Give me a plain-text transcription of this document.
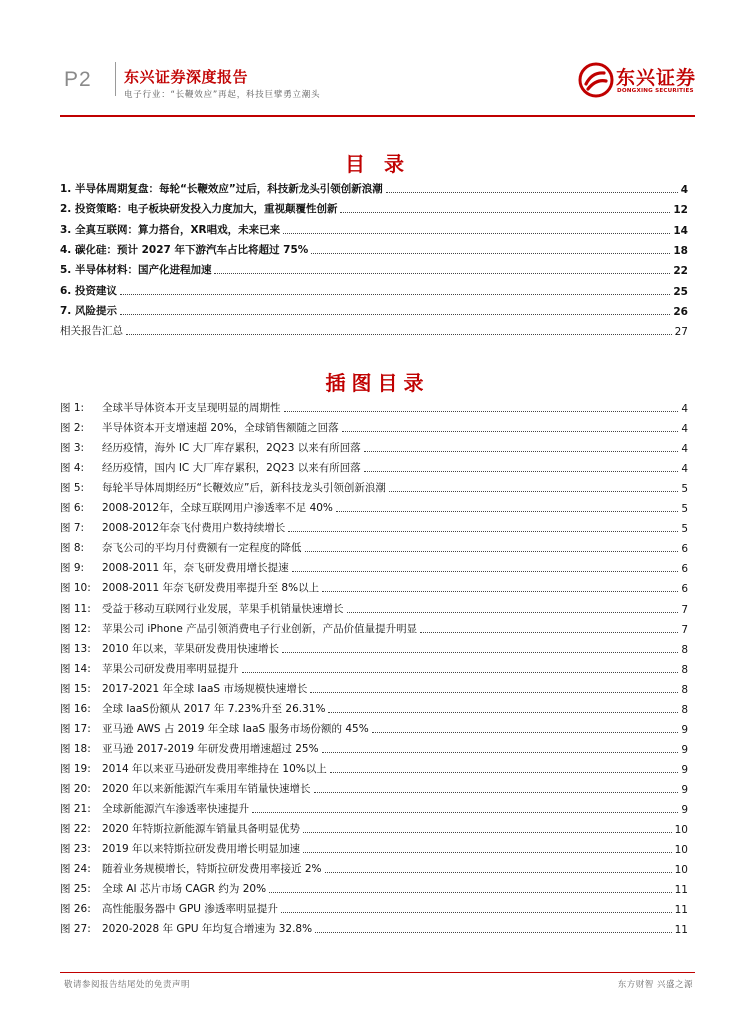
P2 东兴证券深度报告
电子行业：“长鞭效应”再起，科技巨擘勇立潮头
东兴证券
DONGXING SECURITIES
目 录
1. 半导体周期复盘：每轮“长鞭效应”过后，科技新龙头引领创新浪潮	4
2. 投资策略：电子板块研发投入力度加大，重视颠覆性创新	12
3. 全真互联网：算力搭台，XR唱戏，未来已来	14
4. 碳化硅：预计 2027 年下游汽车占比将超过 75%	18
5. 半导体材料：国产化进程加速	22
6. 投资建议	25
7. 风险提示	26
相关报告汇总	27
插图目录
图 1: 全球半导体资本开支呈现明显的周期性	4
图 2: 半导体资本开支增速超 20%，全球销售额随之回落	4
图 3: 经历疫情，海外 IC 大厂库存累积，2Q23 以来有所回落	4
图 4: 经历疫情，国内 IC 大厂库存累积，2Q23 以来有所回落	4
图 5: 每轮半导体周期经历“长鞭效应”后，新科技龙头引领创新浪潮	5
图 6: 2008-2012年，全球互联网用户渗透率不足 40%	5
图 7: 2008-2012年奈飞付费用户数持续增长	5
图 8: 奈飞公司的平均月付费额有一定程度的降低	6
图 9: 2008-2011 年，奈飞研发费用增长提速	6
图 10: 2008-2011 年奈飞研发费用率提升至 8%以上	6
图 11: 受益于移动互联网行业发展，苹果手机销量快速增长	7
图 12: 苹果公司 iPhone 产品引领消费电子行业创新，产品价值量提升明显	7
图 13: 2010 年以来，苹果研发费用快速增长	8
图 14: 苹果公司研发费用率明显提升	8
图 15: 2017-2021 年全球 IaaS 市场规模快速增长	8
图 16: 全球 IaaS份额从 2017 年 7.23%升至 26.31%	8
图 17: 亚马逊 AWS 占 2019 年全球 IaaS 服务市场份额的 45%	9
图 18: 亚马逊 2017-2019 年研发费用增速超过 25%	9
图 19: 2014 年以来亚马逊研发费用率维持在 10%以上	9
图 20: 2020 年以来新能源汽车乘用车销量快速增长	9
图 21: 全球新能源汽车渗透率快速提升	9
图 22: 2020 年特斯拉新能源车销量具备明显优势	10
图 23: 2019 年以来特斯拉研发费用增长明显加速	10
图 24: 随着业务规模增长，特斯拉研发费用率接近 2%	10
图 25: 全球 AI 芯片市场 CAGR 约为 20%	11
图 26: 高性能服务器中 GPU 渗透率明显提升	11
图 27: 2020-2028 年 GPU 年均复合增速为 32.8%	11
敬请参阅报告结尾处的免责声明	东方财智 兴盛之源
